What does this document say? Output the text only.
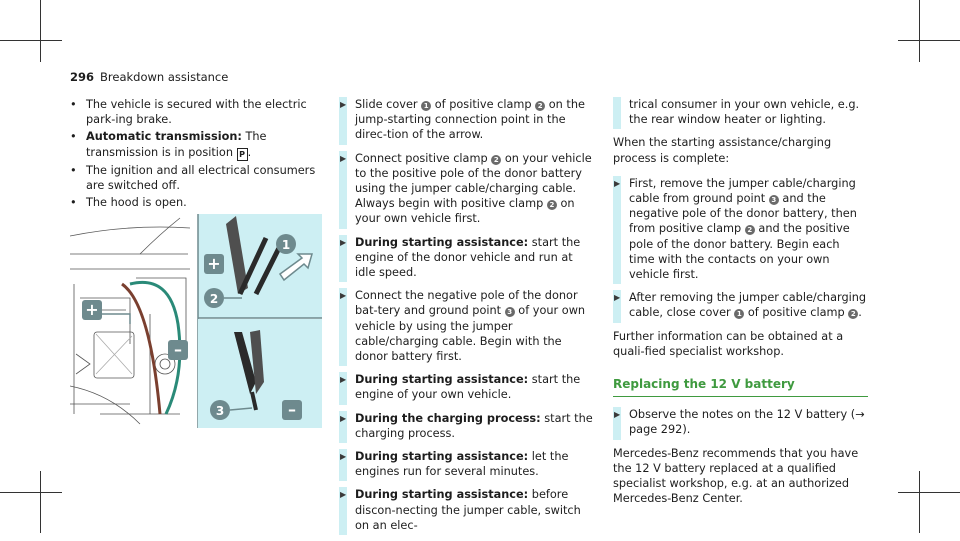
296 Breakdown assistance
• The vehicle is secured with the electric park-ing brake.
• Automatic transmission: The transmission is in position P .
• The ignition and all electrical consumers are switched off.
• The hood is open.
+
–
+
1
2
3	–
▶ Slide cover 1 of positive clamp 2 on the jump-starting connection point in the direc-tion of the arrow.
▶ Connect positive clamp 2 on your vehicle to the positive pole of the donor battery using the jumper cable/charging cable. Always begin with positive clamp 2 on your own vehicle first.
▶ During starting assistance: start the engine of the donor vehicle and run at idle speed.
▶ Connect the negative pole of the donor bat-tery and ground point 3 of your own vehicle by using the jumper cable/charging cable. Begin with the donor battery first.
▶ During starting assistance: start the engine of your own vehicle.
▶ During the charging process: start the charging process.
▶ During starting assistance: let the engines run for several minutes.
▶ During starting assistance: before discon-necting the jumper cable, switch on an elec-
trical consumer in your own vehicle, e.g. the rear window heater or lighting.
When the starting assistance/charging process is complete:
▶ First, remove the jumper cable/charging cable from ground point 3 and the negative pole of the donor battery, then from positive clamp 2 and the positive pole of the donor battery. Begin each time with the contacts on your own vehicle first.
▶ After removing the jumper cable/charging cable, close cover 1 of positive clamp 2 .
Further information can be obtained at a quali-fied specialist workshop.
Replacing the 12 V battery
▶ Observe the notes on the 12 V battery (→ page 292).
Mercedes-Benz recommends that you have the 12 V battery replaced at a qualified specialist workshop, e.g. at an authorized Mercedes-Benz Center.
